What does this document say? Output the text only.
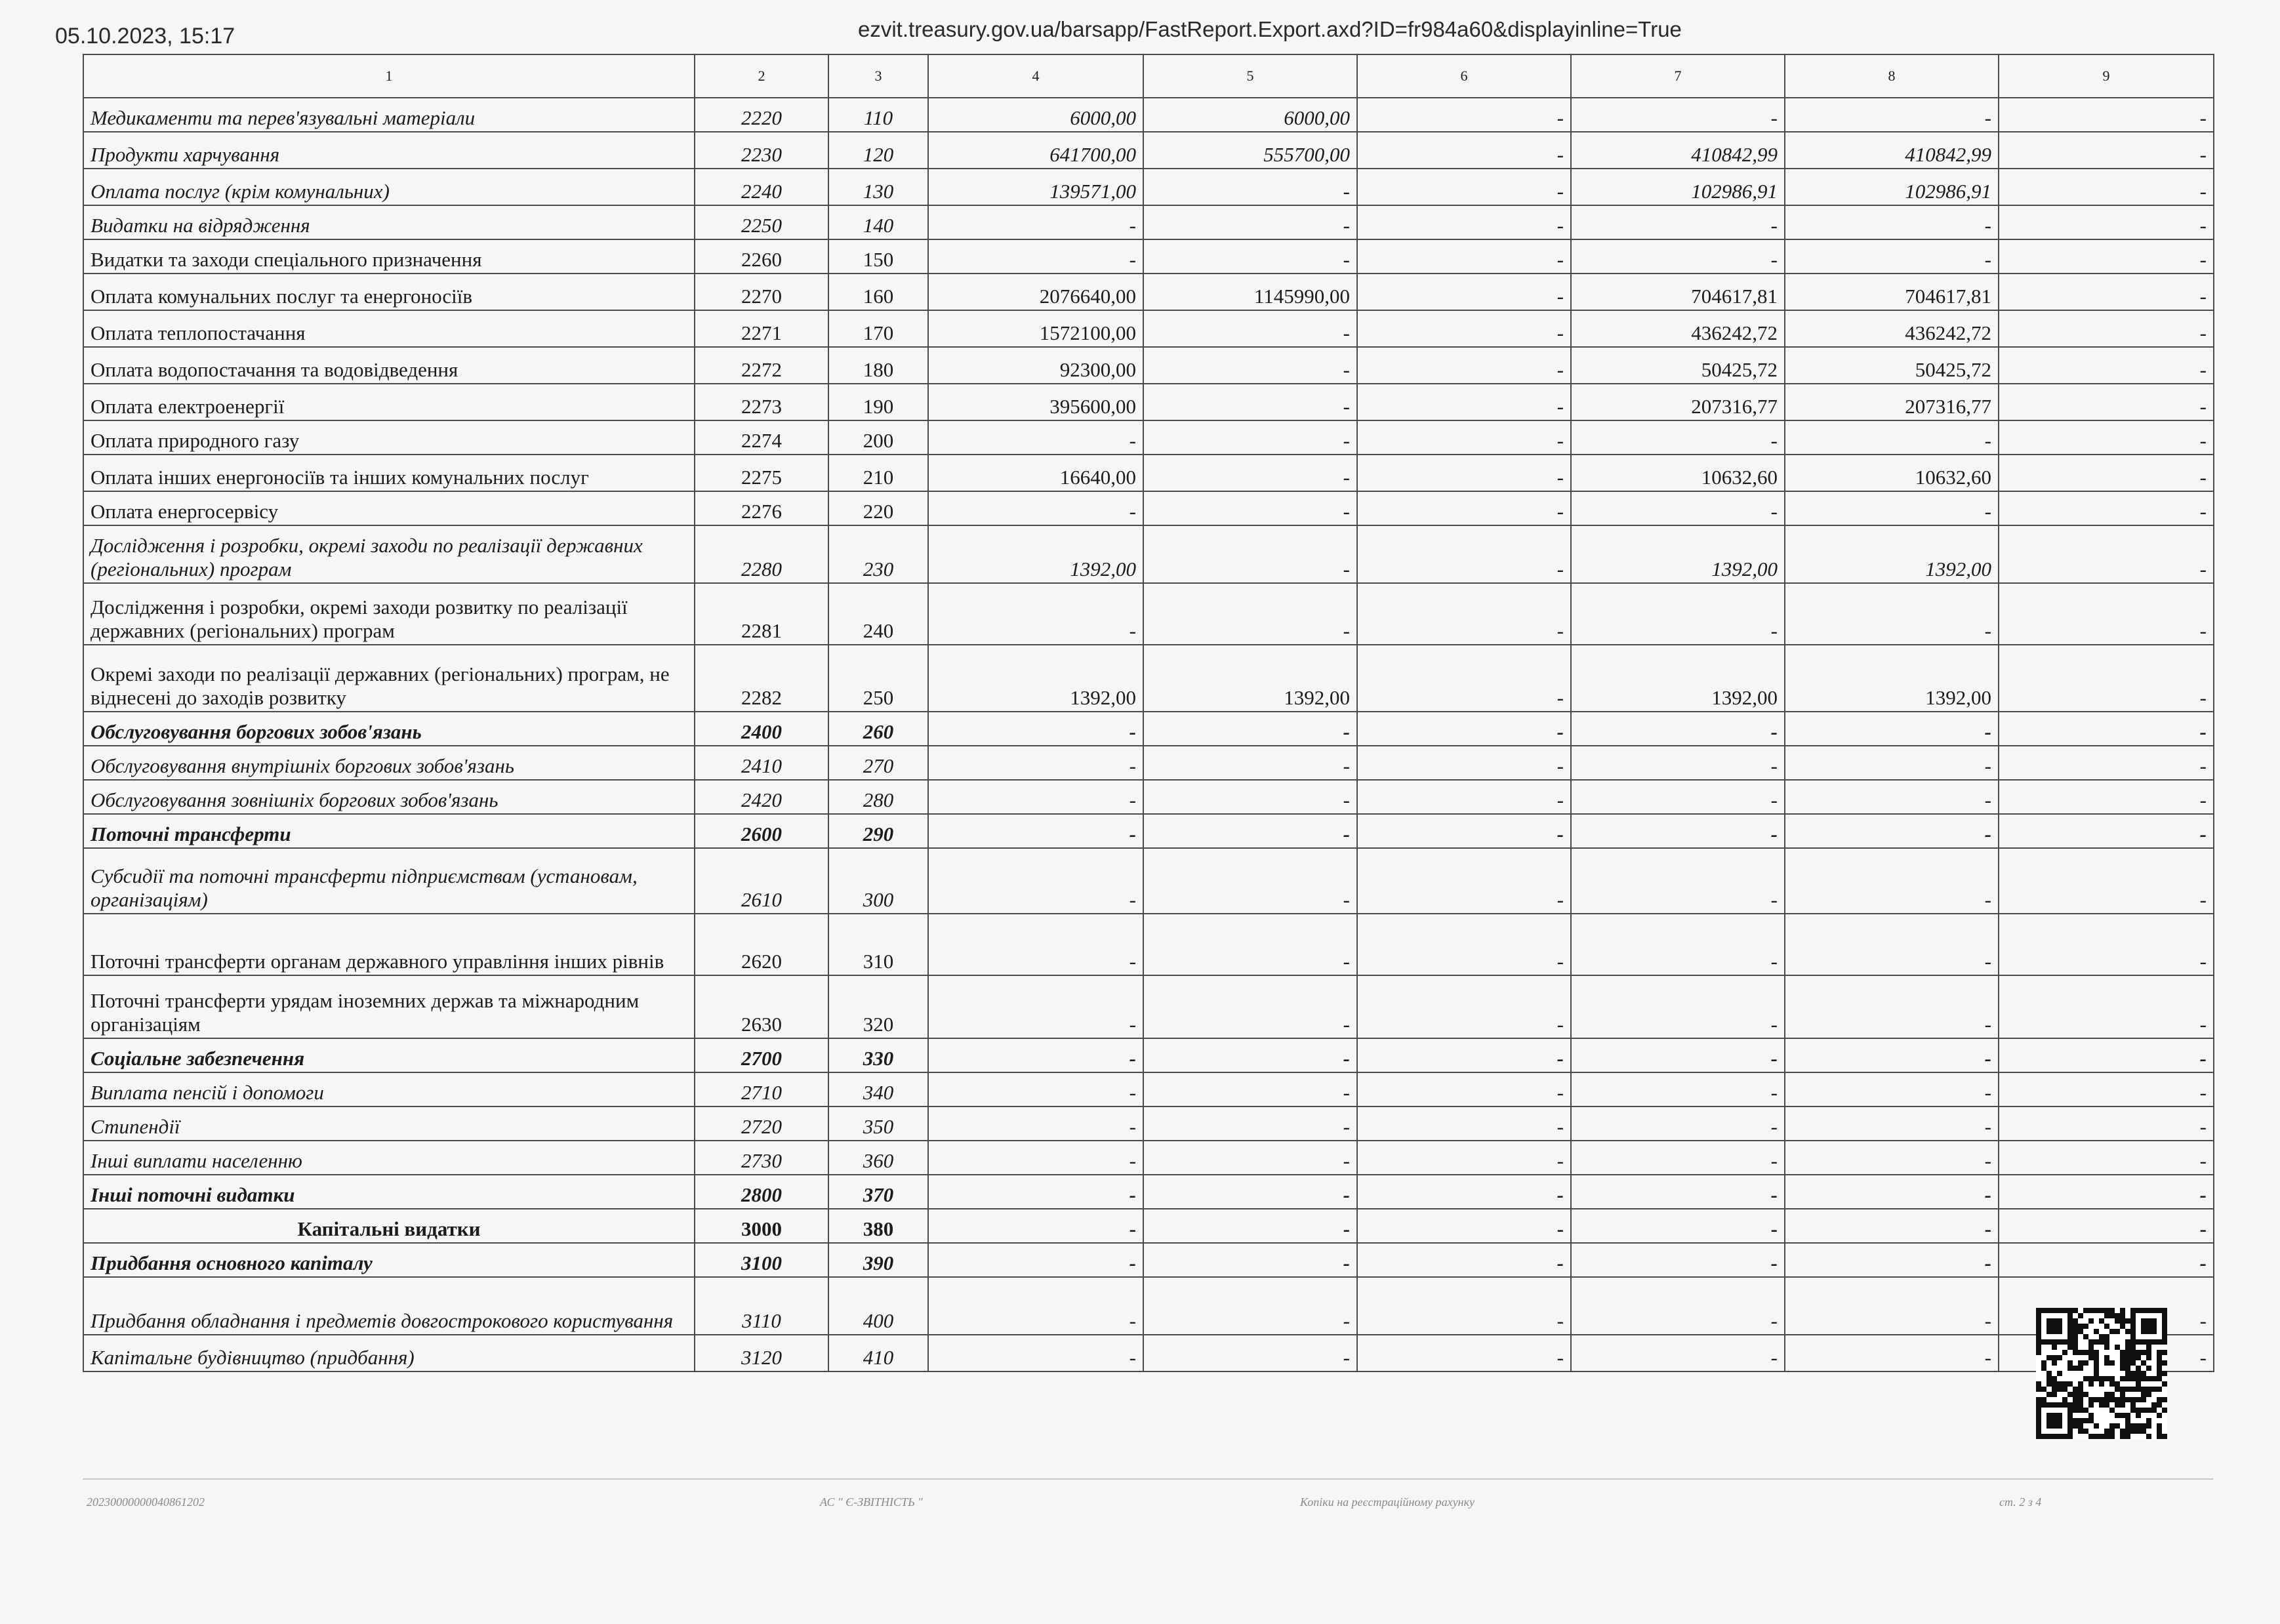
05.10.2023, 15:17	ezvit.treasury.gov.ua/barsapp/FastReport.Export.axd?ID=fr984a60&displayinline=True
1	2	3	4	5	6	7	8	9
Медикаменти та перев'язувальні матеріали	2220	110	6000,00	6000,00	-	-	-	-
Продукти харчування	2230	120	641700,00	555700,00	-	410842,99	410842,99	-
Оплата послуг (крім комунальних)	2240	130	139571,00	-	-	102986,91	102986,91	-
Видатки на відрядження	2250	140	-	-	-	-	-	-
Видатки та заходи спеціального призначення	2260	150	-	-	-	-	-	-
Оплата комунальних послуг та енергоносіїв	2270	160	2076640,00	1145990,00	-	704617,81	704617,81	-
Оплата теплопостачання	2271	170	1572100,00	-	-	436242,72	436242,72	-
Оплата водопостачання та водовідведення	2272	180	92300,00	-	-	50425,72	50425,72	-
Оплата електроенергії	2273	190	395600,00	-	-	207316,77	207316,77	-
Оплата природного газу	2274	200	-	-	-	-	-	-
Оплата інших енергоносіїв та інших комунальних послуг	2275	210	16640,00	-	-	10632,60	10632,60	-
Оплата енергосервісу	2276	220	-	-	-	-	-	-
Дослідження і розробки, окремі заходи по реалізації державних (регіональних) програм	2280	230	1392,00	-	-	1392,00	1392,00	-
Дослідження і розробки, окремі заходи розвитку по реалізації державних (регіональних) програм	2281	240	-	-	-	-	-	-
Окремі заходи по реалізації державних (регіональних) програм, не віднесені до заходів розвитку	2282	250	1392,00	1392,00	-	1392,00	1392,00	-
Обслуговування боргових зобов'язань	2400	260	-	-	-	-	-	-
Обслуговування внутрішніх боргових зобов'язань	2410	270	-	-	-	-	-	-
Обслуговування зовнішніх боргових зобов'язань	2420	280	-	-	-	-	-	-
Поточні трансферти	2600	290	-	-	-	-	-	-
Субсидії та поточні трансферти підприємствам (установам, організаціям)	2610	300	-	-	-	-	-	-
Поточні трансферти органам державного управління інших рівнів	2620	310	-	-	-	-	-	-
Поточні трансферти урядам іноземних держав та міжнародним організаціям	2630	320	-	-	-	-	-	-
Соціальне забезпечення	2700	330	-	-	-	-	-	-
Виплата пенсій і допомоги	2710	340	-	-	-	-	-	-
Стипендії	2720	350	-	-	-	-	-	-
Інші виплати населенню	2730	360	-	-	-	-	-	-
Інші поточні видатки	2800	370	-	-	-	-	-	-
Капітальні видатки	3000	380	-	-	-	-	-	-
Придбання основного капіталу	3100	390	-	-	-	-	-	-
Придбання обладнання і предметів довгострокового користування	3110	400	-	-	-	-	-	-
Капітальне будівництво (придбання)	3120	410	-	-	-	-	-	-
20230000000040861202	АС " Є-ЗВІТНІСТЬ "	Копіки на реєстраційному рахунку	ст. 2 з 4
